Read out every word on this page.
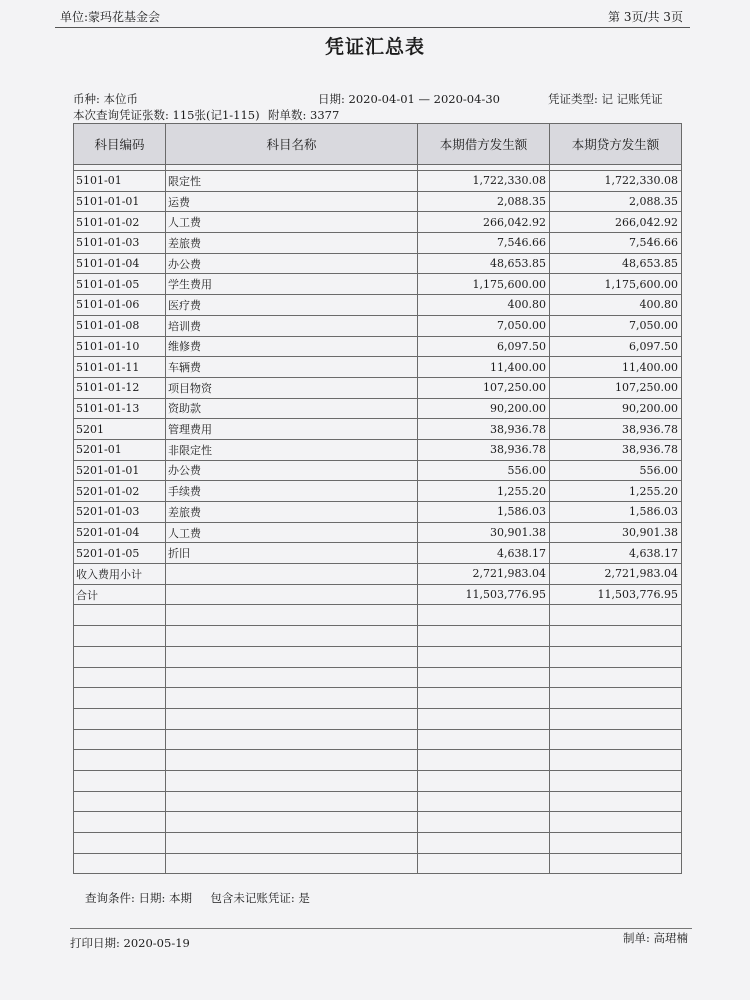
单位:蒙玛花基金会	第 3页/共 3页
凭证汇总表
币种: 本位币	日期: 2020-04-01 — 2020-04-30	凭证类型: 记 记账凭证
本次查询凭证张数: 115张(记1-115) 附单数: 3377
科目编码	科目名称	本期借方发生额	本期贷方发生额

5101-01	限定性	1,722,330.08	1,722,330.08
5101-01-01	运费	2,088.35	2,088.35
5101-01-02	人工费	266,042.92	266,042.92
5101-01-03	差旅费	7,546.66	7,546.66
5101-01-04	办公费	48,653.85	48,653.85
5101-01-05	学生费用	1,175,600.00	1,175,600.00
5101-01-06	医疗费	400.80	400.80
5101-01-08	培训费	7,050.00	7,050.00
5101-01-10	维修费	6,097.50	6,097.50
5101-01-11	车辆费	11,400.00	11,400.00
5101-01-12	项目物资	107,250.00	107,250.00
5101-01-13	资助款	90,200.00	90,200.00
5201	管理费用	38,936.78	38,936.78
5201-01	非限定性	38,936.78	38,936.78
5201-01-01	办公费	556.00	556.00
5201-01-02	手续费	1,255.20	1,255.20
5201-01-03	差旅费	1,586.03	1,586.03
5201-01-04	人工费	30,901.38	30,901.38
5201-01-05	折旧	4,638.17	4,638.17
收入费用小计		2,721,983.04	2,721,983.04
合计		11,503,776.95	11,503,776.95

查询条件: 日期: 本期     包含未记账凭证: 是
打印日期: 2020-05-19	制单: 高珺楠
